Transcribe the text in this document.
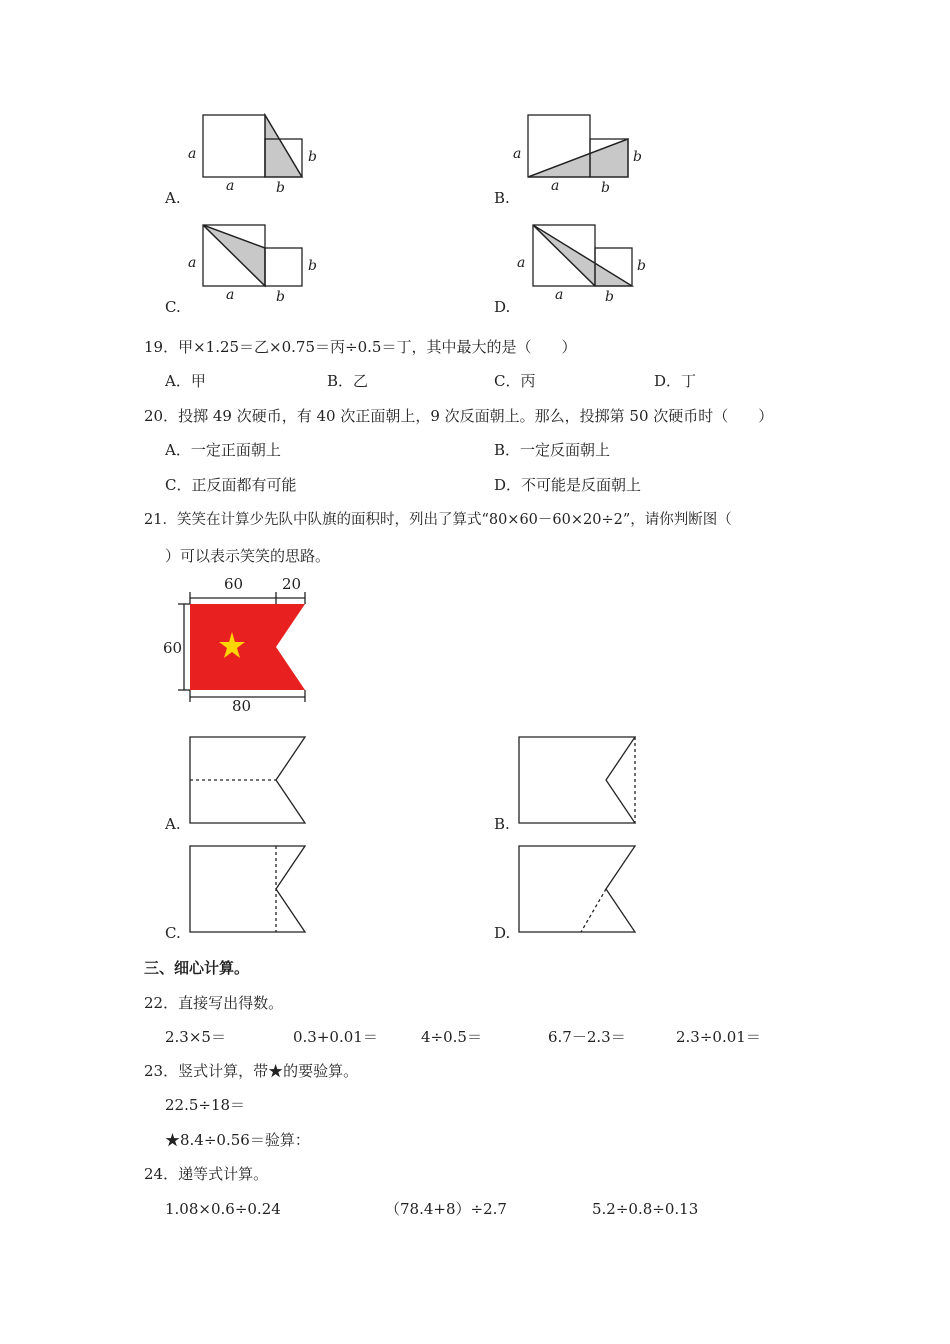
a
a	b
b	a
a	b
b
a
a	b
b	a
a	b
b
A.	B.
C.	D.
19．甲×1.25＝乙×0.75＝丙÷0.5＝丁，其中最大的是（　　）
A．甲	B．乙	C．丙	D．丁
20．投掷 49 次硬币，有 40 次正面朝上，9 次反面朝上。那么，投掷第 50 次硬币时（　　）
A．一定正面朝上	B．一定反面朝上
C．正反面都有可能	D．不可能是反面朝上
21．笑笑在计算少先队中队旗的面积时，列出了算式“80×60－60×20÷2”，请你判断图（
）可以表示笑笑的思路。
60	20
60
80
A.	B.
C.	D.
三、细心计算。
22．直接写出得数。
2.3×5＝	0.3+0.01＝	4÷0.5＝	6.7－2.3＝	2.3÷0.01＝
23．竖式计算，带★的要验算。
22.5÷18＝
★8.4÷0.56＝验算：
24．递等式计算。
1.08×0.6÷0.24	（78.4+8）÷2.7	5.2÷0.8÷0.13
